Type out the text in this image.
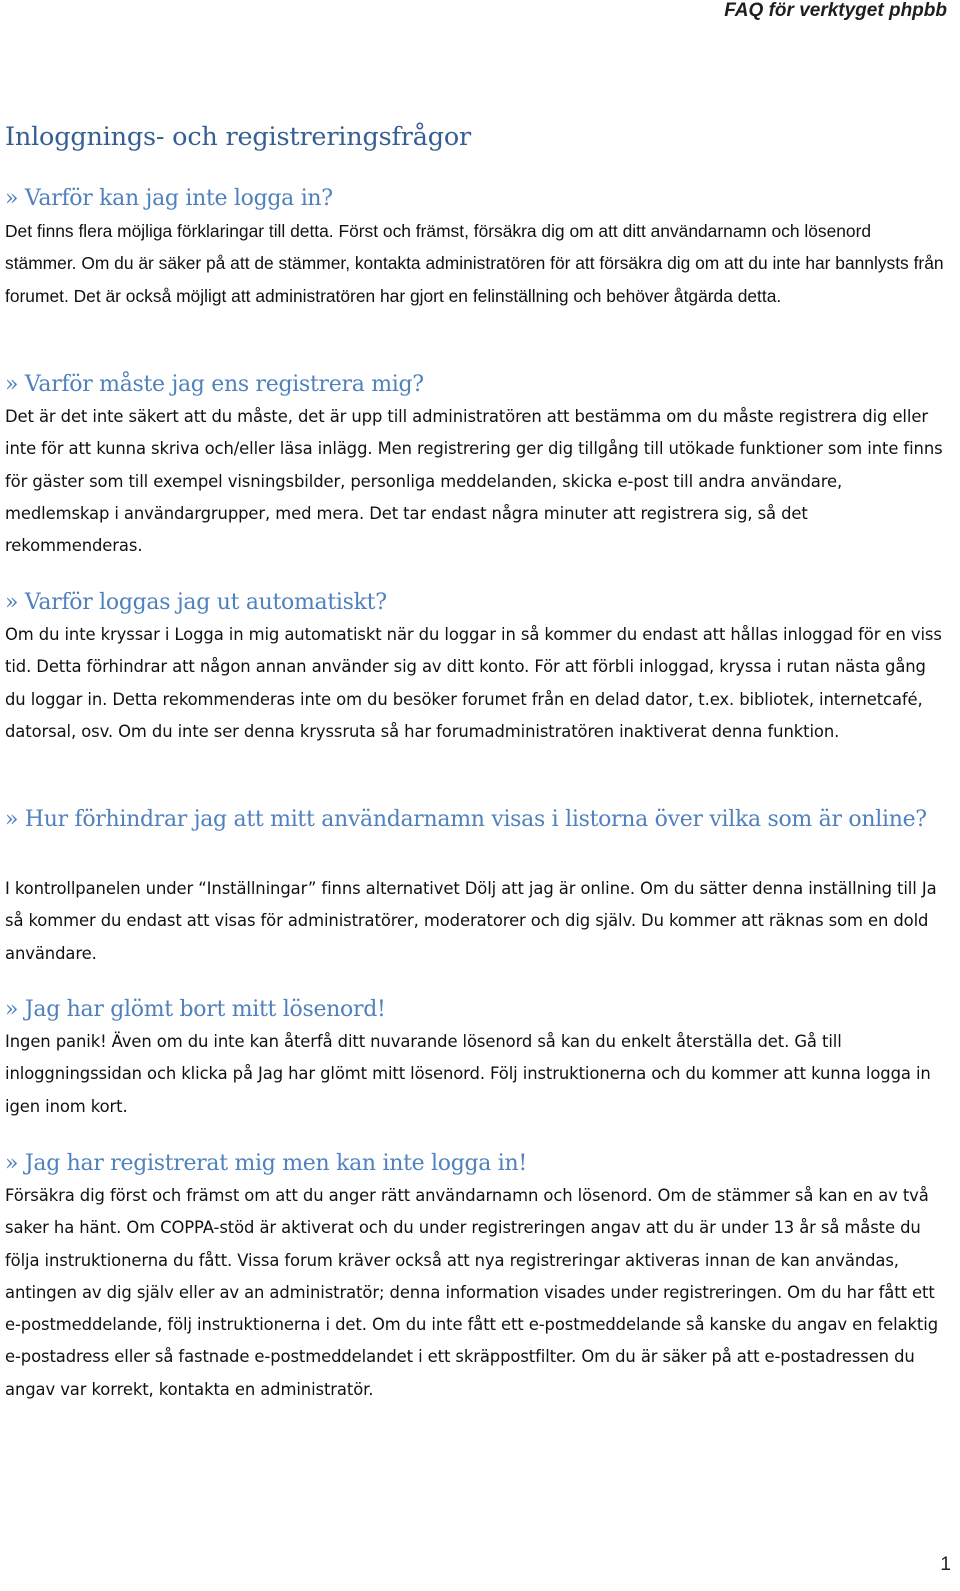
FAQ för verktyget phpbb
Inloggnings- och registreringsfrågor
» Varför kan jag inte logga in?

Det finns flera möjliga förklaringar till detta. Först och främst, försäkra dig om att ditt användarnamn och lösenord stämmer. Om du är säker på att de stämmer, kontakta administratören för att försäkra dig om att du inte har bannlysts från forumet. Det är också möjligt att administratören har gjort en felinställning och behöver åtgärda detta.

» Varför måste jag ens registrera mig?

Det är det inte säkert att du måste, det är upp till administratören att bestämma om du måste registrera dig eller inte för att kunna skriva och/eller läsa inlägg. Men registrering ger dig tillgång till utökade funktioner som inte finns för gäster som till exempel visningsbilder, personliga meddelanden, skicka e-post till andra användare, medlemskap i användargrupper, med mera. Det tar endast några minuter att registrera sig, så det rekommenderas.

» Varför loggas jag ut automatiskt?

Om du inte kryssar i Logga in mig automatiskt när du loggar in så kommer du endast att hållas inloggad för en viss tid. Detta förhindrar att någon annan använder sig av ditt konto. För att förbli inloggad, kryssa i rutan nästa gång du loggar in. Detta rekommenderas inte om du besöker forumet från en delad dator, t.ex. bibliotek, internetcafé, datorsal, osv. Om du inte ser denna kryssruta så har forumadministratören inaktiverat denna funktion.

» Hur förhindrar jag att mitt användarnamn visas i listorna över vilka som är online?

I kontrollpanelen under “Inställningar” finns alternativet Dölj att jag är online. Om du sätter denna inställning till Ja så kommer du endast att visas för administratörer, moderatorer och dig själv. Du kommer att räknas som en dold användare.

» Jag har glömt bort mitt lösenord!

Ingen panik! Även om du inte kan återfå ditt nuvarande lösenord så kan du enkelt återställa det. Gå till inloggningssidan och klicka på Jag har glömt mitt lösenord. Följ instruktionerna och du kommer att kunna logga in igen inom kort.

» Jag har registrerat mig men kan inte logga in!

Försäkra dig först och främst om att du anger rätt användarnamn och lösenord. Om de stämmer så kan en av två saker ha hänt. Om COPPA-stöd är aktiverat och du under registreringen angav att du är under 13 år så måste du följa instruktionerna du fått. Vissa forum kräver också att nya registreringar aktiveras innan de kan användas, antingen av dig själv eller av an administratör; denna information visades under registreringen. Om du har fått ett e-postmeddelande, följ instruktionerna i det. Om du inte fått ett e-postmeddelande så kanske du angav en felaktig e-postadress eller så fastnade e-postmeddelandet i ett skräppostfilter. Om du är säker på att e-postadressen du angav var korrekt, kontakta en administratör.

1
